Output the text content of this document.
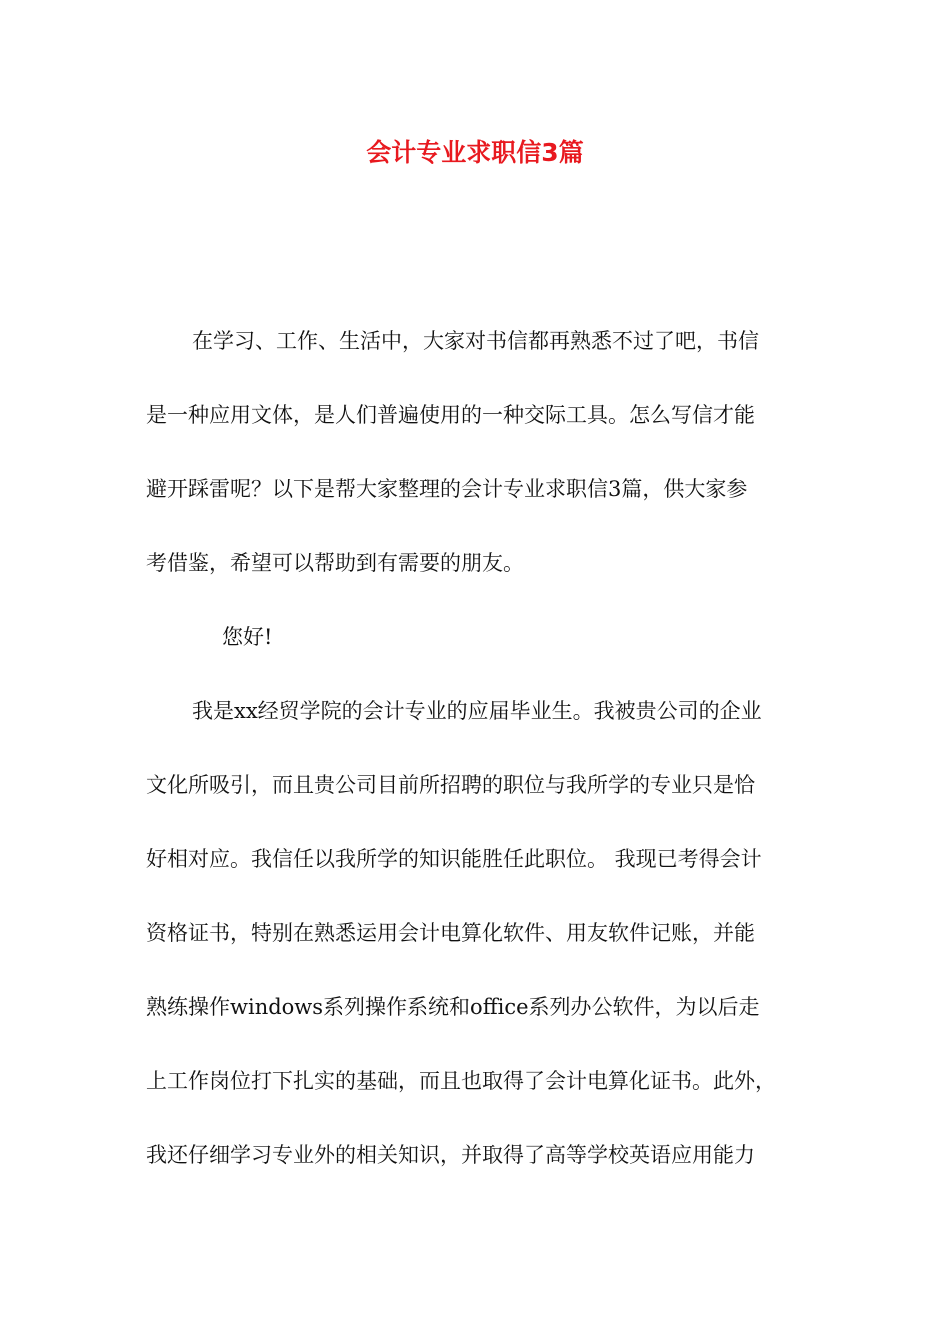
会计专业求职信3篇

在学习、工作、生活中，大家对书信都再熟悉不过了吧，书信

是一种应用文体，是人们普遍使用的一种交际工具。怎么写信才能

避开踩雷呢？以下是帮大家整理的会计专业求职信3篇，供大家参

考借鉴，希望可以帮助到有需要的朋友。

您好!

我是xx经贸学院的会计专业的应届毕业生。我被贵公司的企业

文化所吸引，而且贵公司目前所招聘的职位与我所学的专业只是恰

好相对应。我信任以我所学的知识能胜任此职位。 我现已考得会计

资格证书，特别在熟悉运用会计电算化软件、用友软件记账，并能

熟练操作windows系列操作系统和office系列办公软件，为以后走

上工作岗位打下扎实的基础，而且也取得了会计电算化证书。此外，

我还仔细学习专业外的相关知识，并取得了高等学校英语应用能力
